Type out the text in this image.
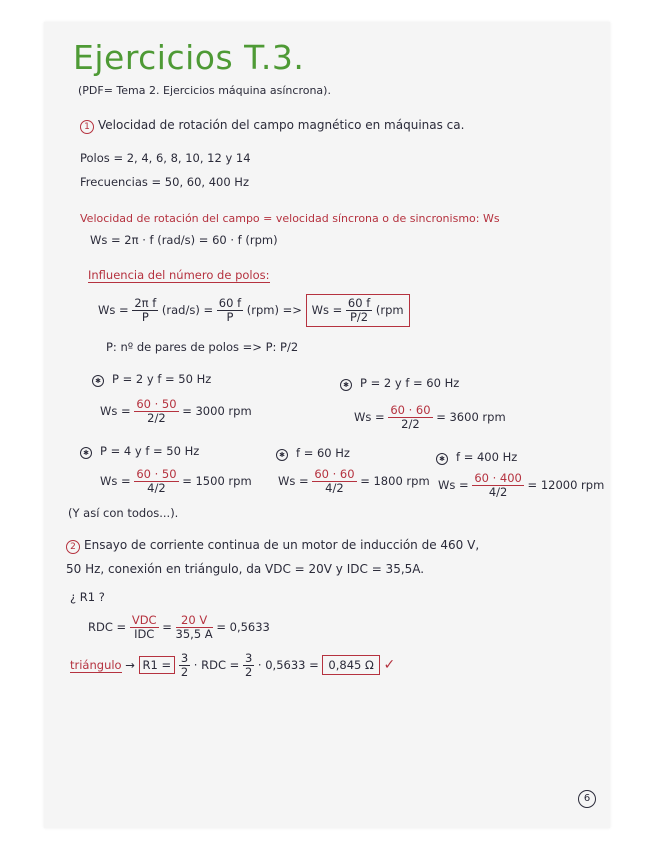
Ejercicios T.3.
(PDF= Tema 2. Ejercicios máquina asíncrona).
1 Velocidad de rotación del campo magnético en máquinas ca.
Polos = 2, 4, 6, 8, 10, 12 y 14
Frecuencias = 50, 60, 400 Hz
Velocidad de rotación del campo = velocidad síncrona o de sincronismo: Ws
Ws = 2π · f (rad/s) = 60 · f (rpm)
Influencia del número de polos:
$Ws = \frac{\text{2π f}}{P} (rad/s) = \frac{60 f}{P} (rpm) => Ws = \frac{60 f}{P/2} (rpm$
P: nº de pares de polos => P: P/2
✱ P = 2 y f = 50 Hz
$Ws = \frac{60 \cdot 50}{2/2} = 3000$ rpm
✱ P = 2 y f = 60 Hz
$Ws = \frac{60 \cdot 60}{2/2} = 3600$ rpm
✱ P = 4 y f = 50 Hz
$Ws = \frac{60 \cdot 50}{4/2} = 1500$ rpm
✱ f = 60 Hz
$Ws = \frac{60 \cdot 60}{4/2} = 1800$ rpm
✱ f = 400 Hz
$Ws = \frac{60 \cdot 400}{4/2} = 12000$ rpm
(Y así con todos...).
2 Ensayo de corriente continua de un motor de inducción de 460 V,
50 Hz, conexión en triángulo, da VDC = 20V y IDC = 35,5A.
¿ R1 ?
RDC = $\frac{\text{VDC}}{\text{IDC}} = \frac{20 V}{35,5 A} = 0,5633$
triángulo → $R1 = \frac{3}{2}$ · RDC = $\frac{3}{2} \cdot 0,5633 = 0,845$ Ω ✓
6
